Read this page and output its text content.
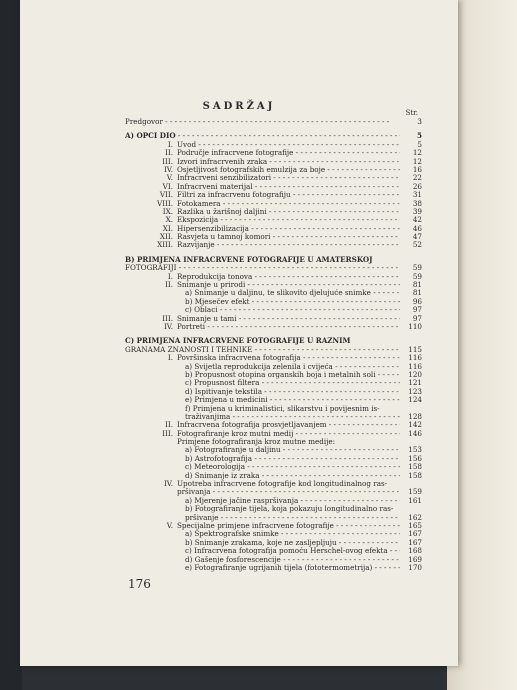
SADRŽAJ
Str.
Predgovor - - -	3
A) OPĆI DIO - - -	5
I. Uvod - - -	5
II. Područje infracrvene fotografije - - -	12
III. Izvori infracrvenih zraka - - -	12
IV. Osjetljivost fotografskih emulzija za boje - - -	16
V. Infracrveni senzibilizatori - - -	22
VI. Infracrveni materijal - - -	26
VII. Filtri za infracrvenu fotografiju - - -	31
VIII. Fotokamera - - -	38
IX. Razlika u žarišnoj daljini - - -	39
X. Ekspozicija - - -	42
XI. Hipersenzibilizacija - - -	46
XII. Rasvjeta u tamnoj komori - - -	47
XIII. Razvijanje - - -	52
B) PRIMJENA INFRACRVENE FOTOGRAFIJE U AMATERSKOJ
FOTOGRAFIJI - - -	59
I. Reprodukcija tonova - - -	59
II. Snimanje u prirodi - - -	81
a) Snimanje u daljinu, te slikovito djelujuće snimke - - -	81
b) Mjesečev efekt - - -	96
c) Oblaci - - -	97
III. Snimanje u tami - - -	97
IV. Portreti - - -	110
C) PRIMJENA INFRACRVENE FOTOGRAFIJE U RAZNIM
GRANAMA ZNANOSTI I TEHNIKE - - -	115
I. Površinska infracrvena fotografija - - -	116
a) Svijetla reprodukcija zelenila i cvijeća - - -	116
b) Propusnost otopina organskih boja i metalnih soli - - -	120
c) Propusnost filtera - - -	121
d) Ispitivanje tekstila - - -	123
e) Primjena u medicini - - -	124
f) Primjena u kriminalistici, slikarstvu i povijesnim is-
traživanjima - - -	128
II. Infracrvena fotografija prosvjetljavanjem - - -	142
III. Fotografiranje kroz mutni medij - - -	146
Primjene fotografiranja kroz mutne medije:
a) Fotografiranje u daljinu - - -	153
b) Astrofotografija - - -	156
c) Meteorologija - - -	158
d) Snimanje iz zraka - - -	158
IV. Upotreba infracrvene fotografije kod longitudinalnog ras-
pršivanja - - -	159
a) Mjerenje jačine raspršivanja - - -	161
b) Fotografiranje tijela, koja pokazuju longitudinalno ras-
pršivanje - - -	162
V. Specijalne primjene infracrvene fotografije - - -	165
a) Spektrografske snimke - - -	167
b) Snimanje zrakama, koje ne zasljepljuju - - -	167
c) Infracrvena fotografija pomoću Herschel-ovog efekta - - -	168
d) Gašenje fosforescencije - - -	169
e) Fotografiranje ugrijanih tijela (fototermometrija) - - -	170
176
